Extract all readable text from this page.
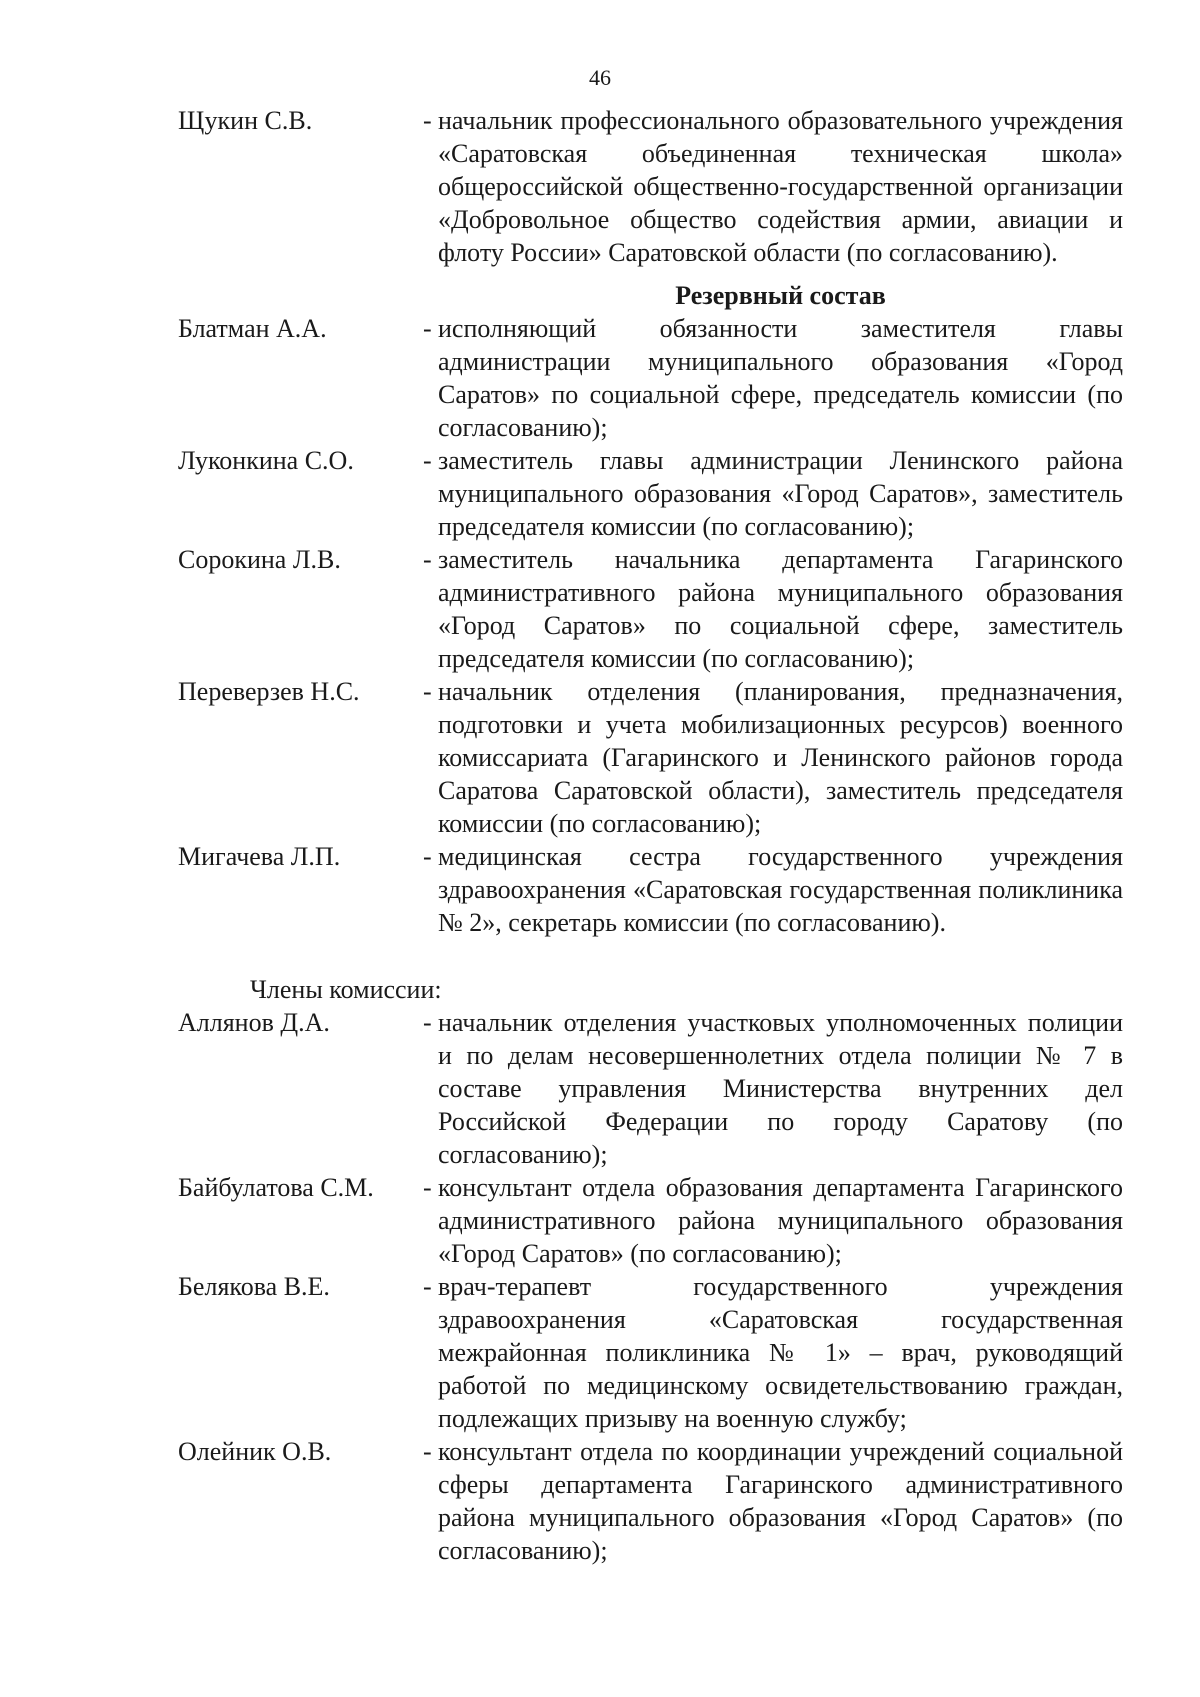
46
Щукин С.В.	- начальник профессионального образовательного учреждения «Саратовская объединенная техническая школа» общероссийской общественно-государственной организации «Добровольное общество содействия армии, авиации и флоту России» Саратовской области (по согласованию).
Резервный состав
Блатман А.А.	- исполняющий обязанности заместителя главы администрации муниципального образования «Город Саратов» по социальной сфере, председатель комиссии (по согласованию);
Луконкина С.О.	- заместитель главы администрации Ленинского района муниципального образования «Город Саратов», заместитель председателя комиссии (по согласованию);
Сорокина Л.В.	- заместитель начальника департамента Гагаринского административного района муниципального образования «Город Саратов» по социальной сфере, заместитель председателя комиссии (по согласованию);
Переверзев Н.С.	- начальник отделения (планирования, предназначения, подготовки и учета мобилизационных ресурсов) военного комиссариата (Гагаринского и Ленинского районов города Саратова Саратовской области), заместитель председателя комиссии (по согласованию);
Мигачева Л.П.	- медицинская сестра государственного учреждения здравоохранения «Саратовская государственная поликлиника № 2», секретарь комиссии (по согласованию).
Члены комиссии:
Аллянов Д.А.	- начальник отделения участковых уполномоченных полиции и по делам несовершеннолетних отдела полиции № 7 в составе управления Министерства внутренних дел Российской Федерации по городу Саратову (по согласованию);
Байбулатова С.М.	- консультант отдела образования департамента Гагаринского административного района муниципального образования «Город Саратов» (по согласованию);
Белякова В.Е.	- врач-терапевт государственного учреждения здравоохранения «Саратовская государственная межрайонная поликлиника № 1» – врач, руководящий работой по медицинскому освидетельствованию граждан, подлежащих призыву на военную службу;
Олейник О.В.	- консультант отдела по координации учреждений социальной сферы департамента Гагаринского административного района муниципального образования «Город Саратов» (по согласованию);
